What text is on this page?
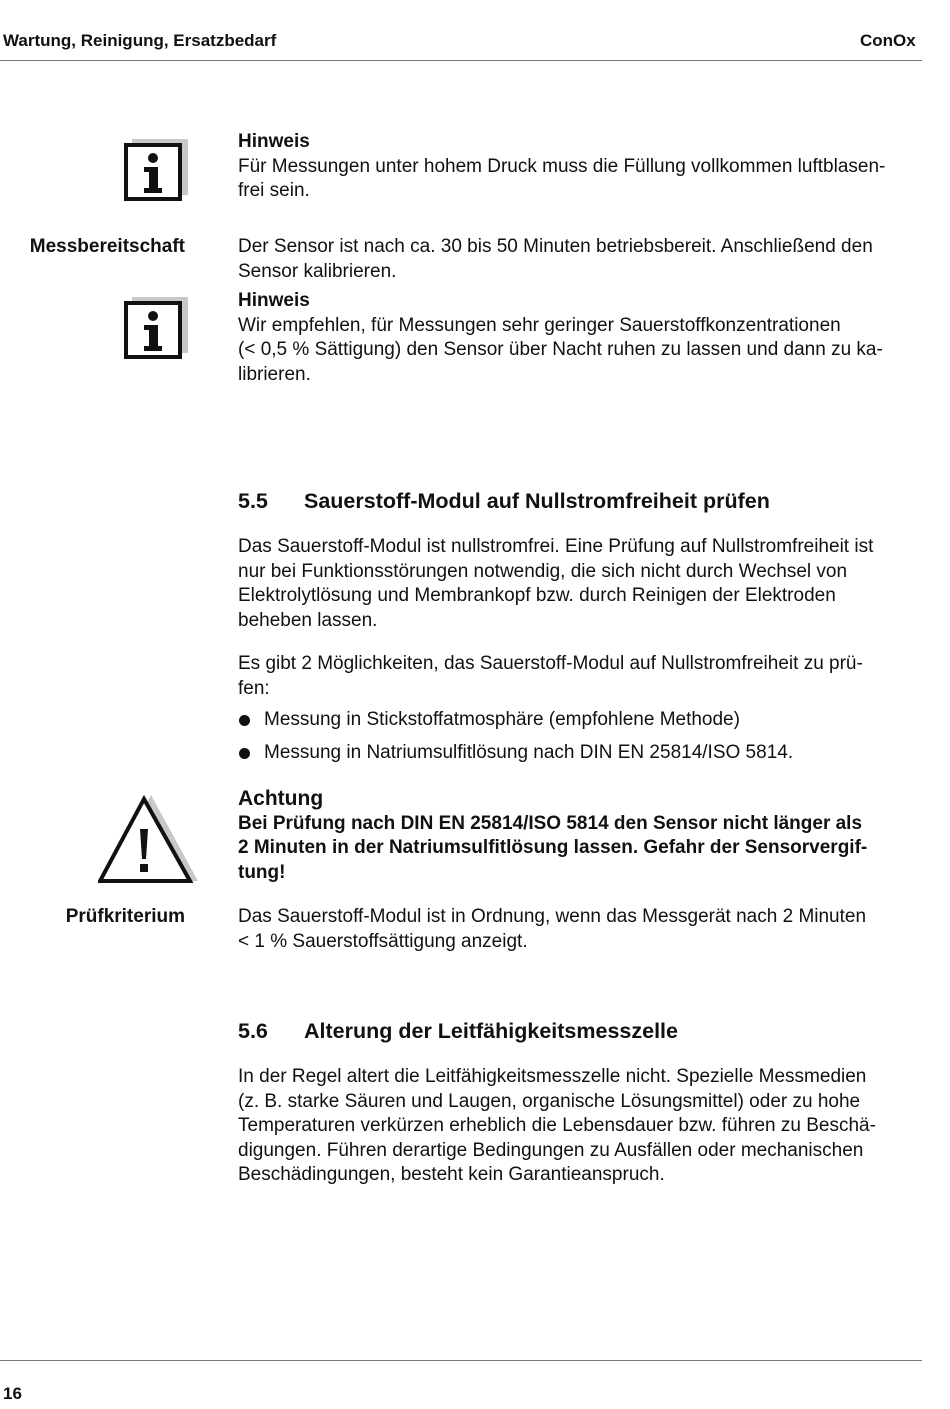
Wartung, Reinigung, Ersatzbedarf	ConOx

Hinweis

Für Messungen unter hohem Druck muss die Füllung vollkommen luftblasen-

frei sein.

Messbereitschaft	Der Sensor ist nach ca. 30 bis 50 Minuten betriebsbereit. Anschließend den

Sensor kalibrieren.

Hinweis

Wir empfehlen, für Messungen sehr geringer Sauerstoffkonzentrationen

(< 0,5 % Sättigung) den Sensor über Nacht ruhen zu lassen und dann zu ka-

librieren.

5.5 Sauerstoff-Modul auf Nullstromfreiheit prüfen

Das Sauerstoff-Modul ist nullstromfrei. Eine Prüfung auf Nullstromfreiheit ist

nur bei Funktionsstörungen notwendig, die sich nicht durch Wechsel von

Elektrolytlösung und Membrankopf bzw. durch Reinigen der Elektroden

beheben lassen.

Es gibt 2 Möglichkeiten, das Sauerstoff-Modul auf Nullstromfreiheit zu prü-

fen:

Messung in Stickstoffatmosphäre (empfohlene Methode)
Messung in Natriumsulfitlösung nach DIN EN 25814/ISO 5814.

Achtung

Bei Prüfung nach DIN EN 25814/ISO 5814 den Sensor nicht länger als

2 Minuten in der Natriumsulfitlösung lassen. Gefahr der Sensorvergif-

tung!

Prüfkriterium	Das Sauerstoff-Modul ist in Ordnung, wenn das Messgerät nach 2 Minuten

< 1 % Sauerstoffsättigung anzeigt.

5.6 Alterung der Leitfähigkeitsmesszelle

In der Regel altert die Leitfähigkeitsmesszelle nicht. Spezielle Messmedien

(z. B. starke Säuren und Laugen, organische Lösungsmittel) oder zu hohe

Temperaturen verkürzen erheblich die Lebensdauer bzw. führen zu Beschä-

digungen. Führen derartige Bedingungen zu Ausfällen oder mechanischen

Beschädingungen, besteht kein Garantieanspruch.

16
